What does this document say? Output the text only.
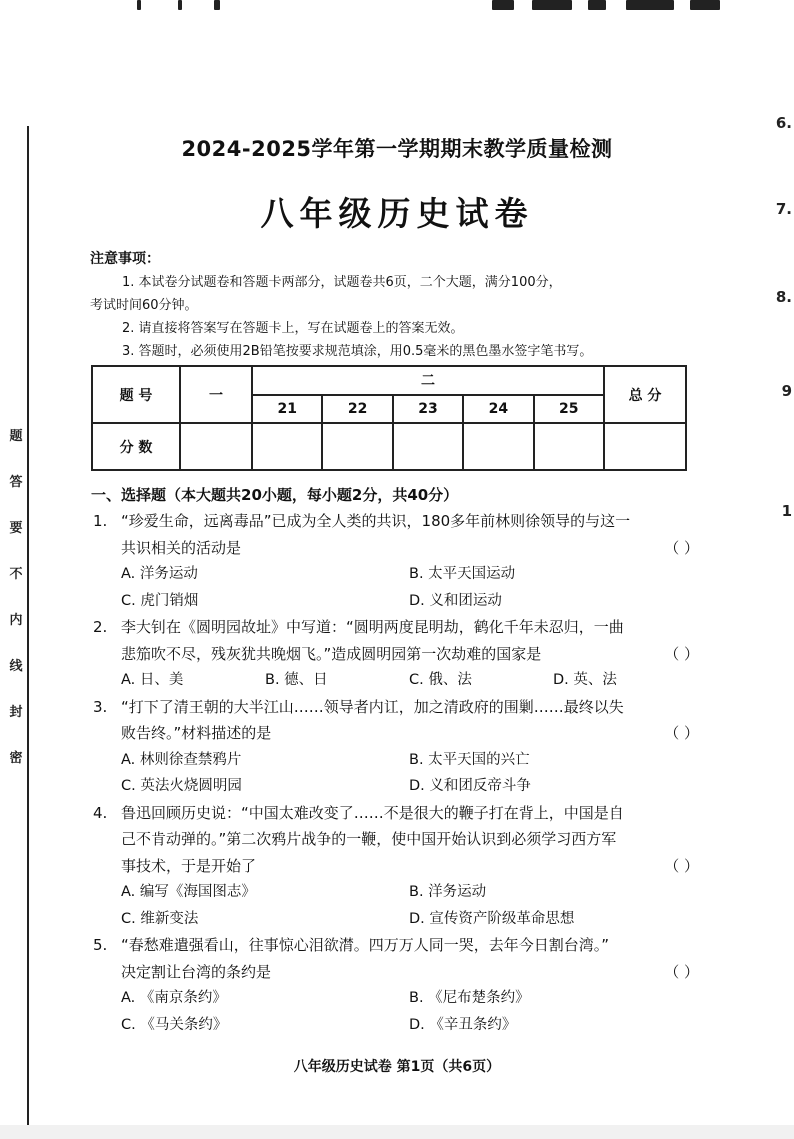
题
答
要
不
内
线
封
密
6.
7.
8.
9
1
2024-2025学年第一学期期末教学质量检测
八年级历史试卷
注意事项：
1. 本试卷分试题卷和答题卡两部分，试题卷共6页，二个大题，满分100分，
考试时间60分钟。
2. 请直接将答案写在答题卡上，写在试题卷上的答案无效。
3. 答题时，必须使用2B铅笔按要求规范填涂，用0.5毫米的黑色墨水签字笔书写。
题 号	一	二					总 分
		21	22	23	24	25	
分 数							
一、选择题（本大题共20小题，每小题2分，共40分）
1. “珍爱生命，远离毒品”已成为全人类的共识，180多年前林则徐领导的与这一
共识相关的活动是	（ ）
A. 洋务运动	B. 太平天国运动
C. 虎门销烟	D. 义和团运动
2. 李大钊在《圆明园故址》中写道：“圆明两度昆明劫，鹤化千年未忍归，一曲
悲笳吹不尽，残灰犹共晚烟飞。”造成圆明园第一次劫难的国家是	（ ）
A. 日、美	B. 德、日	C. 俄、法	D. 英、法
3. “打下了清王朝的大半江山……领导者内讧，加之清政府的围剿……最终以失
败告终。”材料描述的是	（ ）
A. 林则徐查禁鸦片	B. 太平天国的兴亡
C. 英法火烧圆明园	D. 义和团反帝斗争
4. 鲁迅回顾历史说：“中国太难改变了……不是很大的鞭子打在背上，中国是自
己不肯动弹的。”第二次鸦片战争的一鞭，使中国开始认识到必须学习西方军
事技术，于是开始了	（ ）
A. 编写《海国图志》	B. 洋务运动
C. 维新变法	D. 宣传资产阶级革命思想
5. “春愁难遣强看山，往事惊心泪欲潸。四万万人同一哭，去年今日割台湾。”
决定割让台湾的条约是	（ ）
A. 《南京条约》	B. 《尼布楚条约》
C. 《马关条约》	D. 《辛丑条约》
八年级历史试卷 第1页（共6页）
